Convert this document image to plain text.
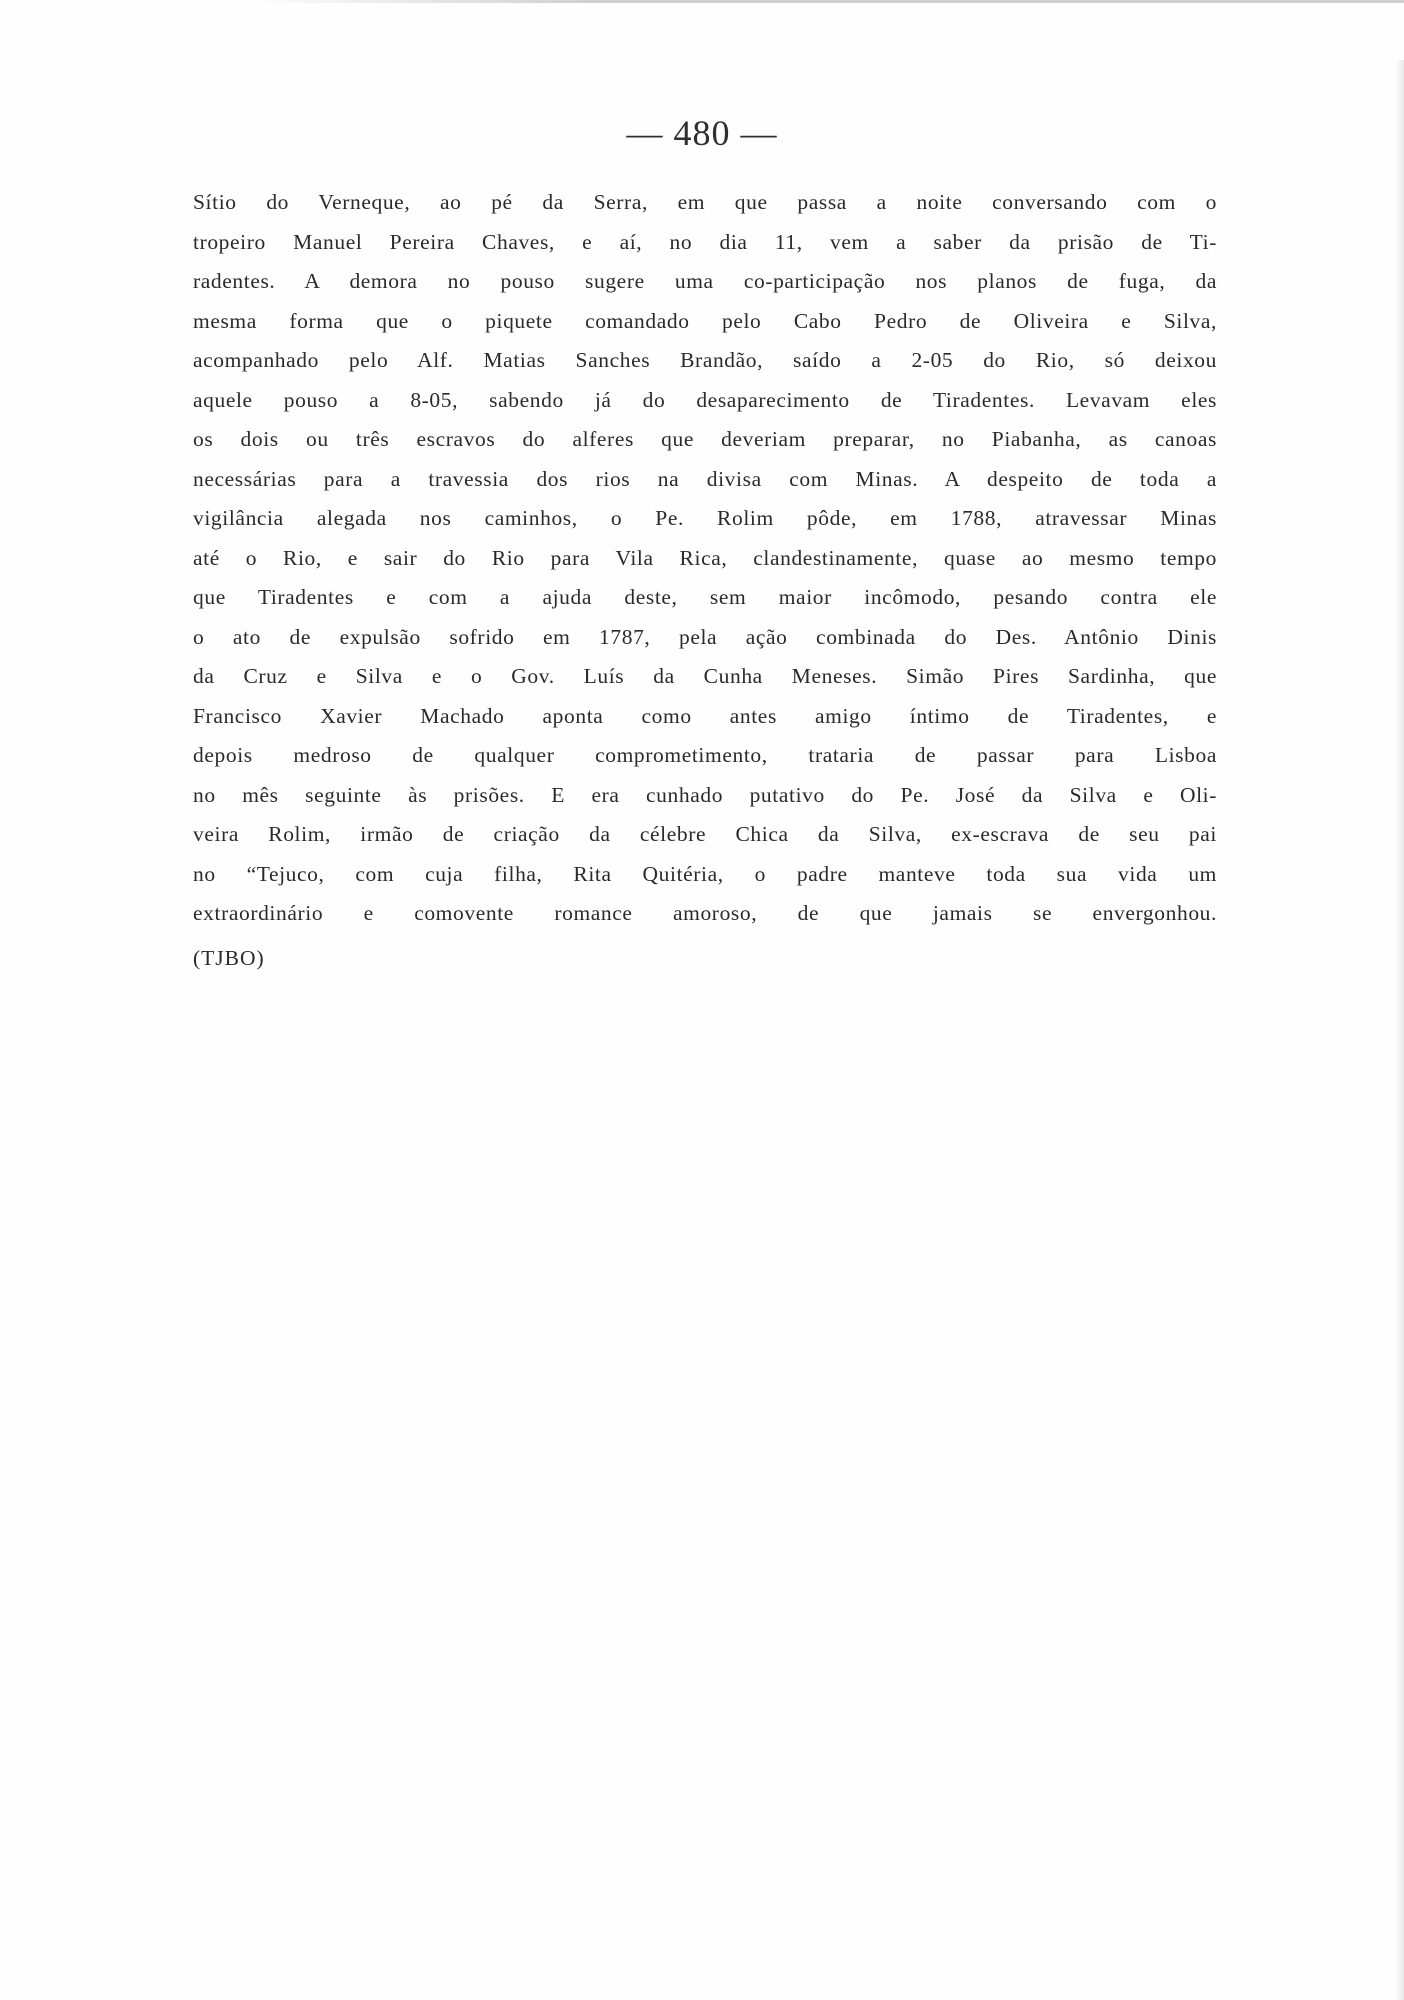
— 480 —
Sítio do Verneque, ao pé da Serra, em que passa a noite conversando com o
tropeiro Manuel Pereira Chaves, e aí, no dia 11, vem a saber da prisão de Ti-
radentes. A demora no pouso sugere uma co-participação nos planos de fuga, da
mesma forma que o piquete comandado pelo Cabo Pedro de Oliveira e Silva,
acompanhado pelo Alf. Matias Sanches Brandão, saído a 2-05 do Rio, só deixou
aquele pouso a 8-05, sabendo já do desaparecimento de Tiradentes. Levavam eles
os dois ou três escravos do alferes que deveriam preparar, no Piabanha, as canoas
necessárias para a travessia dos rios na divisa com Minas. A despeito de toda a
vigilância alegada nos caminhos, o Pe. Rolim pôde, em 1788, atravessar Minas
até o Rio, e sair do Rio para Vila Rica, clandestinamente, quase ao mesmo tempo
que Tiradentes e com a ajuda deste, sem maior incômodo, pesando contra ele
o ato de expulsão sofrido em 1787, pela ação combinada do Des. Antônio Dinis
da Cruz e Silva e o Gov. Luís da Cunha Meneses. Simão Pires Sardinha, que
Francisco Xavier Machado aponta como antes amigo íntimo de Tiradentes, e
depois medroso de qualquer comprometimento, trataria de passar para Lisboa
no mês seguinte às prisões. E era cunhado putativo do Pe. José da Silva e Oli-
veira Rolim, irmão de criação da célebre Chica da Silva, ex-escrava de seu pai
no “Tejuco, com cuja filha, Rita Quitéria, o padre manteve toda sua vida um
extraordinário e comovente romance amoroso, de que jamais se envergonhou.
(TJBO)
